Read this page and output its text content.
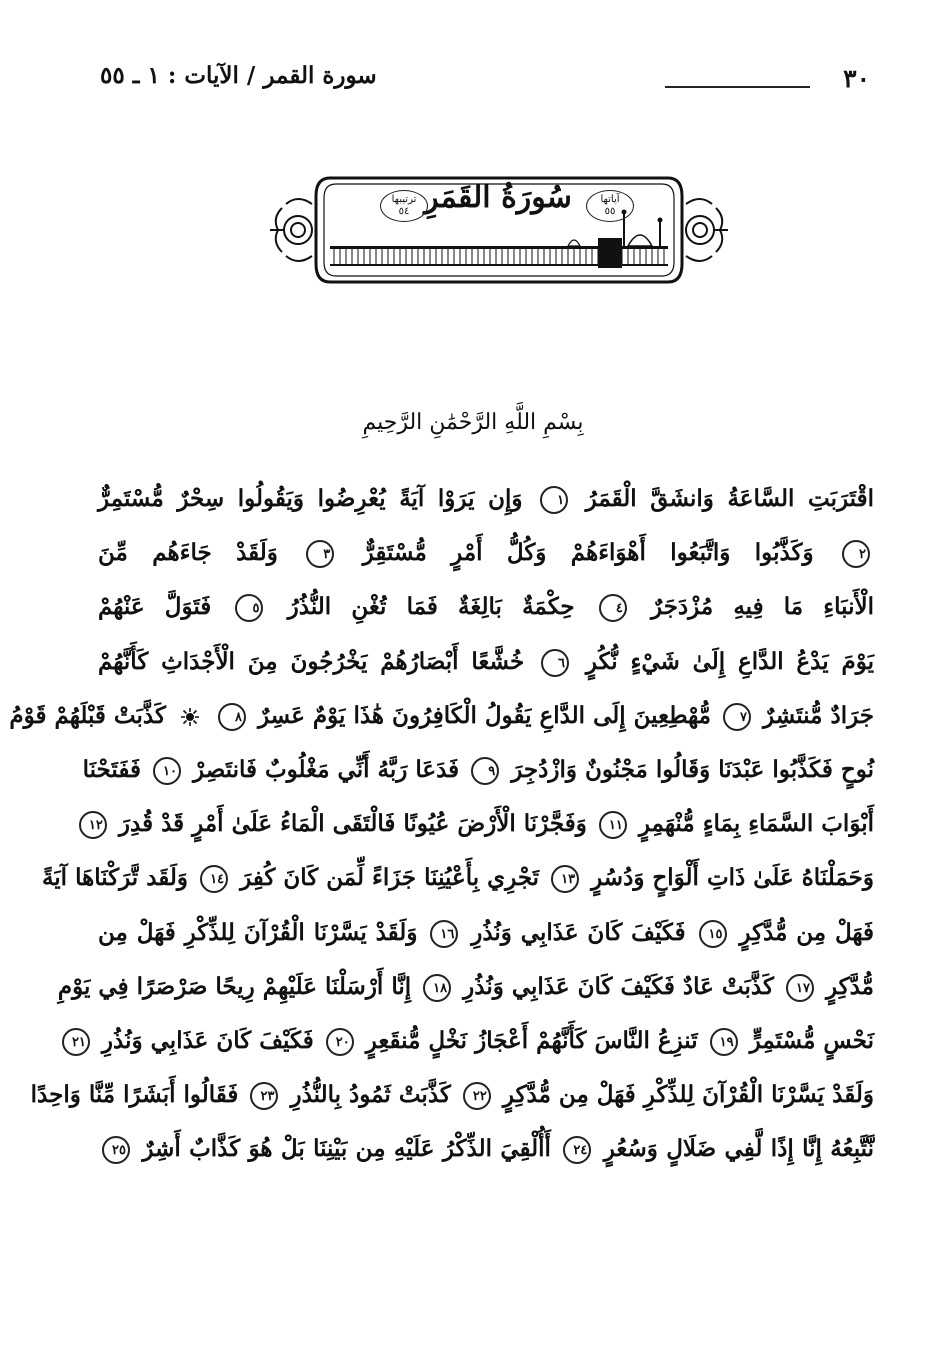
٣٠
سورة القمر / الآيات : ١ ـ ٥٥
آياتها
٥٥
سُورَةُ القَمَرِ
ترتيبها
٥٤
بِسْمِ اللَّهِ الرَّحْمَٰنِ الرَّحِيمِ
اقْتَرَبَتِ السَّاعَةُ وَانشَقَّ الْقَمَرُ ١ وَإِن يَرَوْا آيَةً يُعْرِضُوا وَيَقُولُوا سِحْرٌ مُّسْتَمِرٌّ
٢ وَكَذَّبُوا وَاتَّبَعُوا أَهْوَاءَهُمْ وَكُلُّ أَمْرٍ مُّسْتَقِرٌّ ٣ وَلَقَدْ جَاءَهُم مِّنَ
الْأَنبَاءِ مَا فِيهِ مُزْدَجَرٌ ٤ حِكْمَةٌ بَالِغَةٌ فَمَا تُغْنِ النُّذُرُ ٥ فَتَوَلَّ عَنْهُمْ
يَوْمَ يَدْعُ الدَّاعِ إِلَىٰ شَيْءٍ نُّكُرٍ ٦ خُشَّعًا أَبْصَارُهُمْ يَخْرُجُونَ مِنَ الْأَجْدَاثِ كَأَنَّهُمْ
جَرَادٌ مُّنتَشِرٌ ٧ مُّهْطِعِينَ إِلَى الدَّاعِ يَقُولُ الْكَافِرُونَ هَٰذَا يَوْمٌ عَسِرٌ ٨  كَذَّبَتْ قَبْلَهُمْ قَوْمُ
نُوحٍ فَكَذَّبُوا عَبْدَنَا وَقَالُوا مَجْنُونٌ وَازْدُجِرَ ٩ فَدَعَا رَبَّهُ أَنِّي مَغْلُوبٌ فَانتَصِرْ ١٠ فَفَتَحْنَا
أَبْوَابَ السَّمَاءِ بِمَاءٍ مُّنْهَمِرٍ ١١ وَفَجَّرْنَا الْأَرْضَ عُيُونًا فَالْتَقَى الْمَاءُ عَلَىٰ أَمْرٍ قَدْ قُدِرَ ١٢
وَحَمَلْنَاهُ عَلَىٰ ذَاتِ أَلْوَاحٍ وَدُسُرٍ ١٣ تَجْرِي بِأَعْيُنِنَا جَزَاءً لِّمَن كَانَ كُفِرَ ١٤ وَلَقَد تَّرَكْنَاهَا آيَةً
فَهَلْ مِن مُّدَّكِرٍ ١٥ فَكَيْفَ كَانَ عَذَابِي وَنُذُرِ ١٦ وَلَقَدْ يَسَّرْنَا الْقُرْآنَ لِلذِّكْرِ فَهَلْ مِن
مُّدَّكِرٍ ١٧ كَذَّبَتْ عَادٌ فَكَيْفَ كَانَ عَذَابِي وَنُذُرِ ١٨ إِنَّا أَرْسَلْنَا عَلَيْهِمْ رِيحًا صَرْصَرًا فِي يَوْمِ
نَحْسٍ مُّسْتَمِرٍّ ١٩ تَنزِعُ النَّاسَ كَأَنَّهُمْ أَعْجَازُ نَخْلٍ مُّنقَعِرٍ ٢٠ فَكَيْفَ كَانَ عَذَابِي وَنُذُرِ ٢١
وَلَقَدْ يَسَّرْنَا الْقُرْآنَ لِلذِّكْرِ فَهَلْ مِن مُّدَّكِرٍ ٢٢ كَذَّبَتْ ثَمُودُ بِالنُّذُرِ ٢٣ فَقَالُوا أَبَشَرًا مِّنَّا وَاحِدًا
نَّتَّبِعُهُ إِنَّا إِذًا لَّفِي ضَلَالٍ وَسُعُرٍ ٢٤ أَأُلْقِيَ الذِّكْرُ عَلَيْهِ مِن بَيْنِنَا بَلْ هُوَ كَذَّابٌ أَشِرٌ ٢٥
